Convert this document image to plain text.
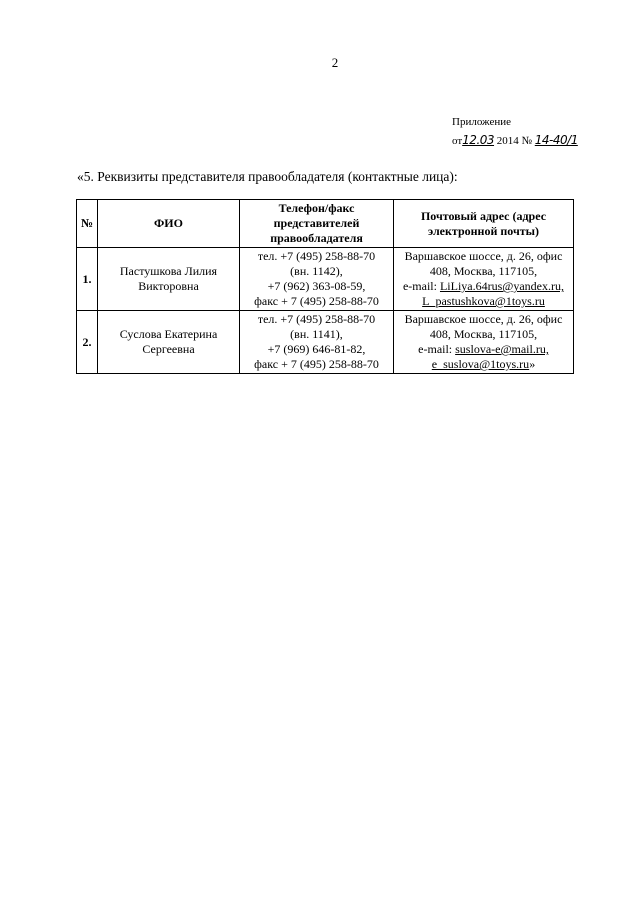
2
Приложение
от12.03 2014 № 14-40/1
«5. Реквизиты представителя правообладателя (контактные лица):
№	ФИО	Телефон/факс представителей правообладателя	Почтовый адрес (адрес электронной почты)
1.	Пастушкова Лилия Викторовна	тел. +7 (495) 258-88-70
(вн. 1142),
+7 (962) 363-08-59,
факс + 7 (495) 258-88-70	Варшавское шоссе, д. 26, офис
408, Москва, 117105,
e-mail: LiLiya.64rus@yandex.ru,
L_pastushkova@1toys.ru

2.	Суслова Екатерина Сергеевна	тел. +7 (495) 258-88-70
(вн. 1141),
+7 (969) 646-81-82,
факс + 7 (495) 258-88-70	Варшавское шоссе, д. 26, офис
408, Москва, 117105,
e-mail: suslova-e@mail.ru,
e_suslova@1toys.ru»
